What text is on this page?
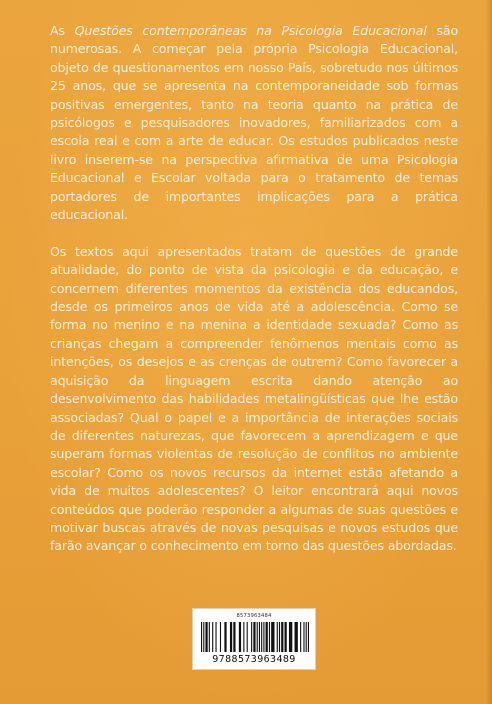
As Questões contemporâneas na Psicologia Educacional são numerosas. A começar pela própria Psicologia Educacional, objeto de questionamentos em nosso País, sobretudo nos últimos 25 anos, que se apresenta na contemporaneidade sob formas positivas emergentes, tanto na teoria quanto na prática de psicólogos e pesquisadores inovadores, familiarizados com a escola real e com a arte de educar. Os estudos publicados neste livro inserem-se na perspectiva afirmativa de uma Psicologia Educacional e Escolar voltada para o tratamento de temas portadores de importantes implicações para a prática educacional.

Os textos aqui apresentados tratam de questões de grande atualidade, do ponto de vista da psicologia e da educação, e concernem diferentes momentos da existência dos educandos, desde os primeiros anos de vida até a adolescência. Como se forma no menino e na menina a identidade sexuada? Como as crianças chegam a compreender fenômenos mentais como as intenções, os desejos e as crenças de outrem? Como favorecer a aquisição da linguagem escrita dando atenção ao desenvolvimento das habilidades metalingüísticas que lhe estão associadas? Qual o papel e a importância de interações sociais de diferentes naturezas, que favorecem a aprendizagem e que superam formas violentas de resolução de conflitos no ambiente escolar? Como os novos recursos da internet estão afetando a vida de muitos adolescentes? O leitor encontrará aqui novos conteúdos que poderão responder a algumas de suas questões e motivar buscas através de novas pesquisas e novos estudos que farão avançar o conhecimento em torno das questões abordadas.

8573963484
9788573963489
